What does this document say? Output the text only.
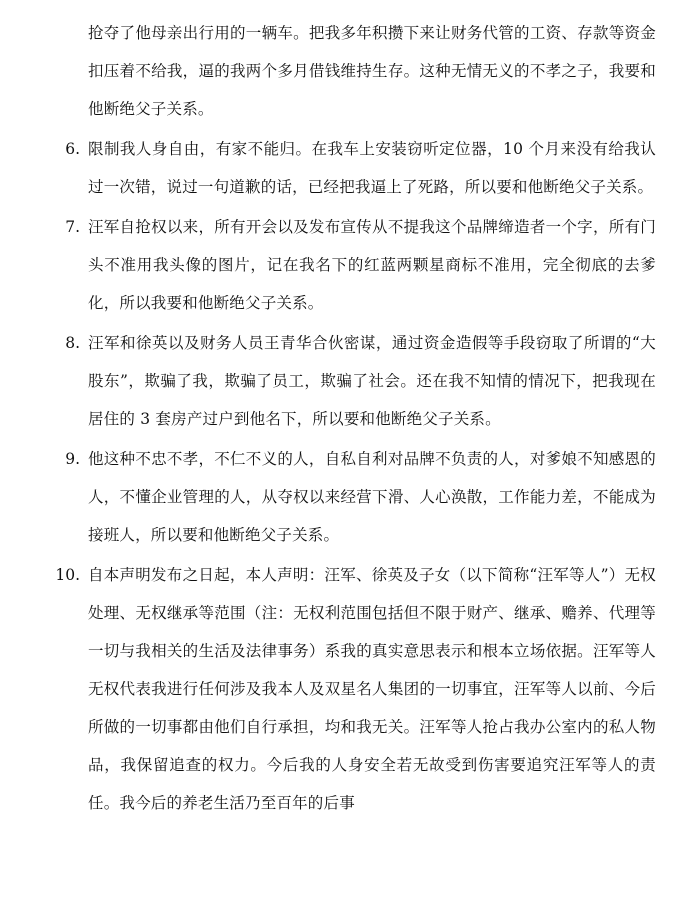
抢夺了他母亲出行用的一辆车。把我多年积攒下来让财务代管的工资、存款等资金扣压着不给我，逼的我两个多月借钱维持生存。这种无情无义的不孝之子，我要和他断绝父子关系。
6. 限制我人身自由，有家不能归。在我车上安装窃听定位器，10 个月来没有给我认过一次错，说过一句道歉的话，已经把我逼上了死路，所以要和他断绝父子关系。
7. 汪军自抢权以来，所有开会以及发布宣传从不提我这个品牌缔造者一个字，所有门头不准用我头像的图片，记在我名下的红蓝两颗星商标不准用，完全彻底的去爹化，所以我要和他断绝父子关系。
8. 汪军和徐英以及财务人员王青华合伙密谋，通过资金造假等手段窃取了所谓的“大股东”，欺骗了我，欺骗了员工，欺骗了社会。还在我不知情的情况下，把我现在居住的 3 套房产过户到他名下，所以要和他断绝父子关系。
9. 他这种不忠不孝，不仁不义的人，自私自利对品牌不负责的人，对爹娘不知感恩的人，不懂企业管理的人，从夺权以来经营下滑、人心涣散，工作能力差，不能成为接班人，所以要和他断绝父子关系。
10. 自本声明发布之日起，本人声明：汪军、徐英及子女（以下简称“汪军等人”）无权处理、无权继承等范围（注：无权利范围包括但不限于财产、继承、赡养、代理等一切与我相关的生活及法律事务）系我的真实意思表示和根本立场依据。汪军等人无权代表我进行任何涉及我本人及双星名人集团的一切事宜，汪军等人以前、今后所做的一切事都由他们自行承担，均和我无关。汪军等人抢占我办公室内的私人物品，我保留追查的权力。今后我的人身安全若无故受到伤害要追究汪军等人的责任。我今后的养老生活乃至百年的后事
